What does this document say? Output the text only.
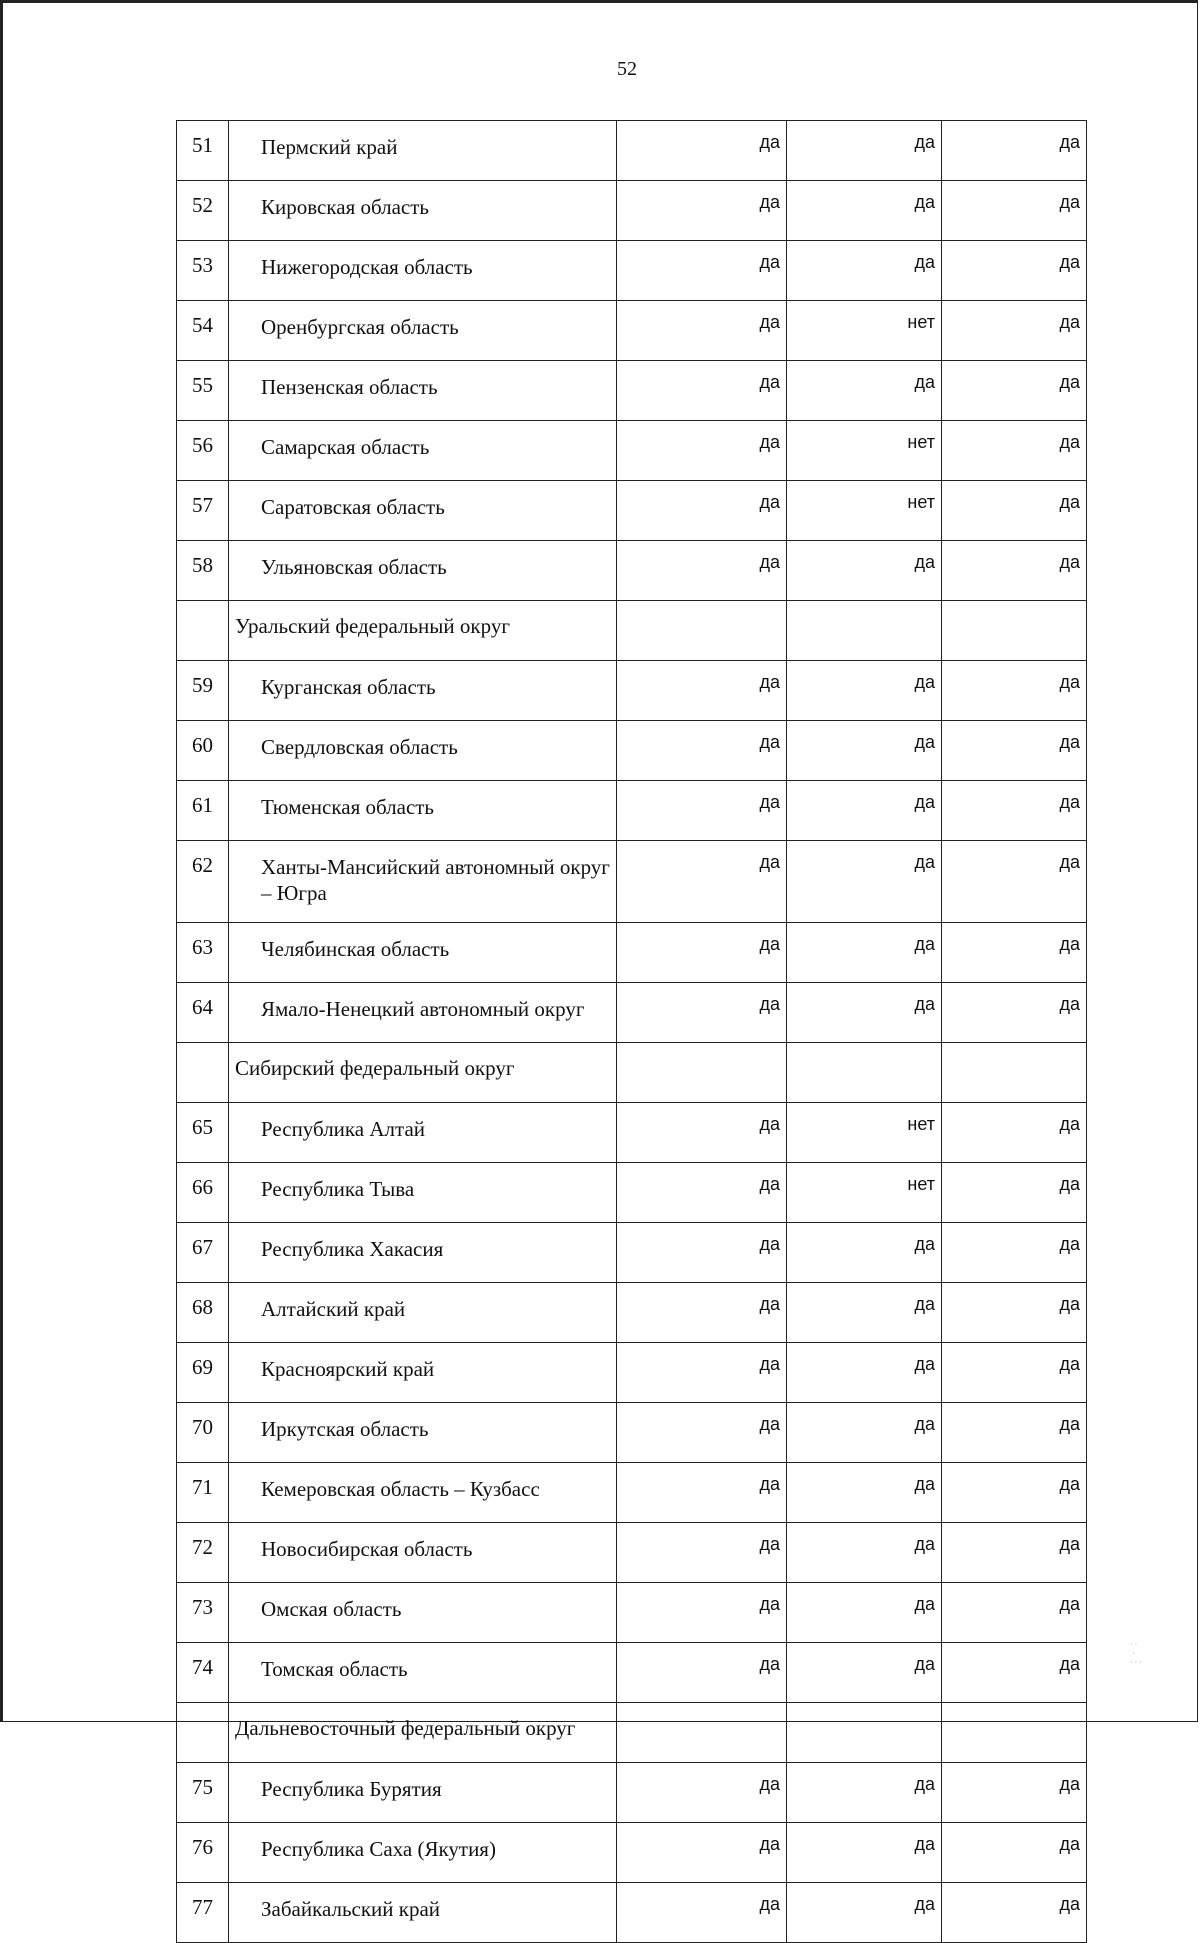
52
51	Пермский край	да	да	да
52	Кировская область	да	да	да
53	Нижегородская область	да	да	да
54	Оренбургская область	да	нет	да
55	Пензенская область	да	да	да
56	Самарская область	да	нет	да
57	Саратовская область	да	нет	да
58	Ульяновская область	да	да	да
	Уральский федеральный округ			
59	Курганская область	да	да	да
60	Свердловская область	да	да	да
61	Тюменская область	да	да	да
62	Ханты-Мансийский автономный округ – Югра	да	да	да
63	Челябинская область	да	да	да
64	Ямало-Ненецкий автономный округ	да	да	да
	Сибирский федеральный округ			
65	Республика Алтай	да	нет	да
66	Республика Тыва	да	нет	да
67	Республика Хакасия	да	да	да
68	Алтайский край	да	да	да
69	Красноярский край	да	да	да
70	Иркутская область	да	да	да
71	Кемеровская область – Кузбасс	да	да	да
72	Новосибирская область	да	да	да
73	Омская область	да	да	да
74	Томская область	да	да	да
	Дальневосточный федеральный округ			
75	Республика Бурятия	да	да	да
76	Республика Саха (Якутия)	да	да	да
77	Забайкальский край	да	да	да
· ·
·
· · ·
